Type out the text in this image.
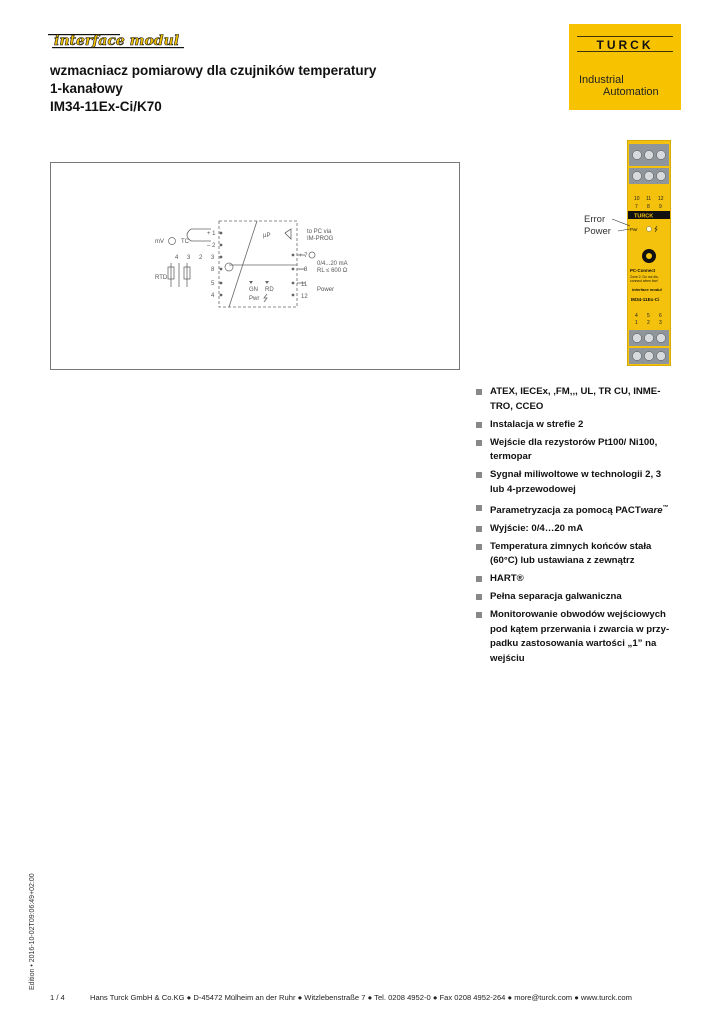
interface modul	TURCK
Industrial
Automation
wzmacniacz pomiarowy dla czujników temperatury
1-kanałowy
IM34-11Ex-Ci/K70
mV	TC
4 3 2
RTD
+ 1
– 2
3
8
5
4
µP
to PC via
IM-PROG
+ 7
– 8
0/4...20 mA
RL ≤ 600 Ω
11
12
Power
GN RD
Pwr
10 11 12
7 8 9
TURCK
Pwr
PC-Connect
Zone 2: Do not dis-
connect when live!
interface modul
IM34-11Ex-Ci
4 5 6
1 2 3
Error
Power
ATEX, IECEx, ‚FM‚‚, UL, TR CU, INME-TRO, CCEO
Instalacja w strefie 2
Wejście dla rezystorów Pt100/ Ni100, termopar
Sygnał miliwoltowe w technologii 2, 3 lub 4-przewodowej
Parametryzacja za pomocą PACTware™
Wyjście: 0/4…20 mA
Temperatura zimnych końców stała (60°C) lub ustawiana z zewnątrz
HART®
Pełna separacja galwaniczna
Monitorowanie obwodów wejściowych pod kątem przerwania i zwarcia w przy-padku zastosowania wartości „1” na wejściu
Edition • 2016-10-02T09:06:49+02:00
1 / 4	Hans Turck GmbH & Co.KG ● D-45472 Mülheim an der Ruhr ● Witzlebenstraße 7 ● Tel. 0208 4952-0 ● Fax 0208 4952-264 ● more@turck.com ● www.turck.com
